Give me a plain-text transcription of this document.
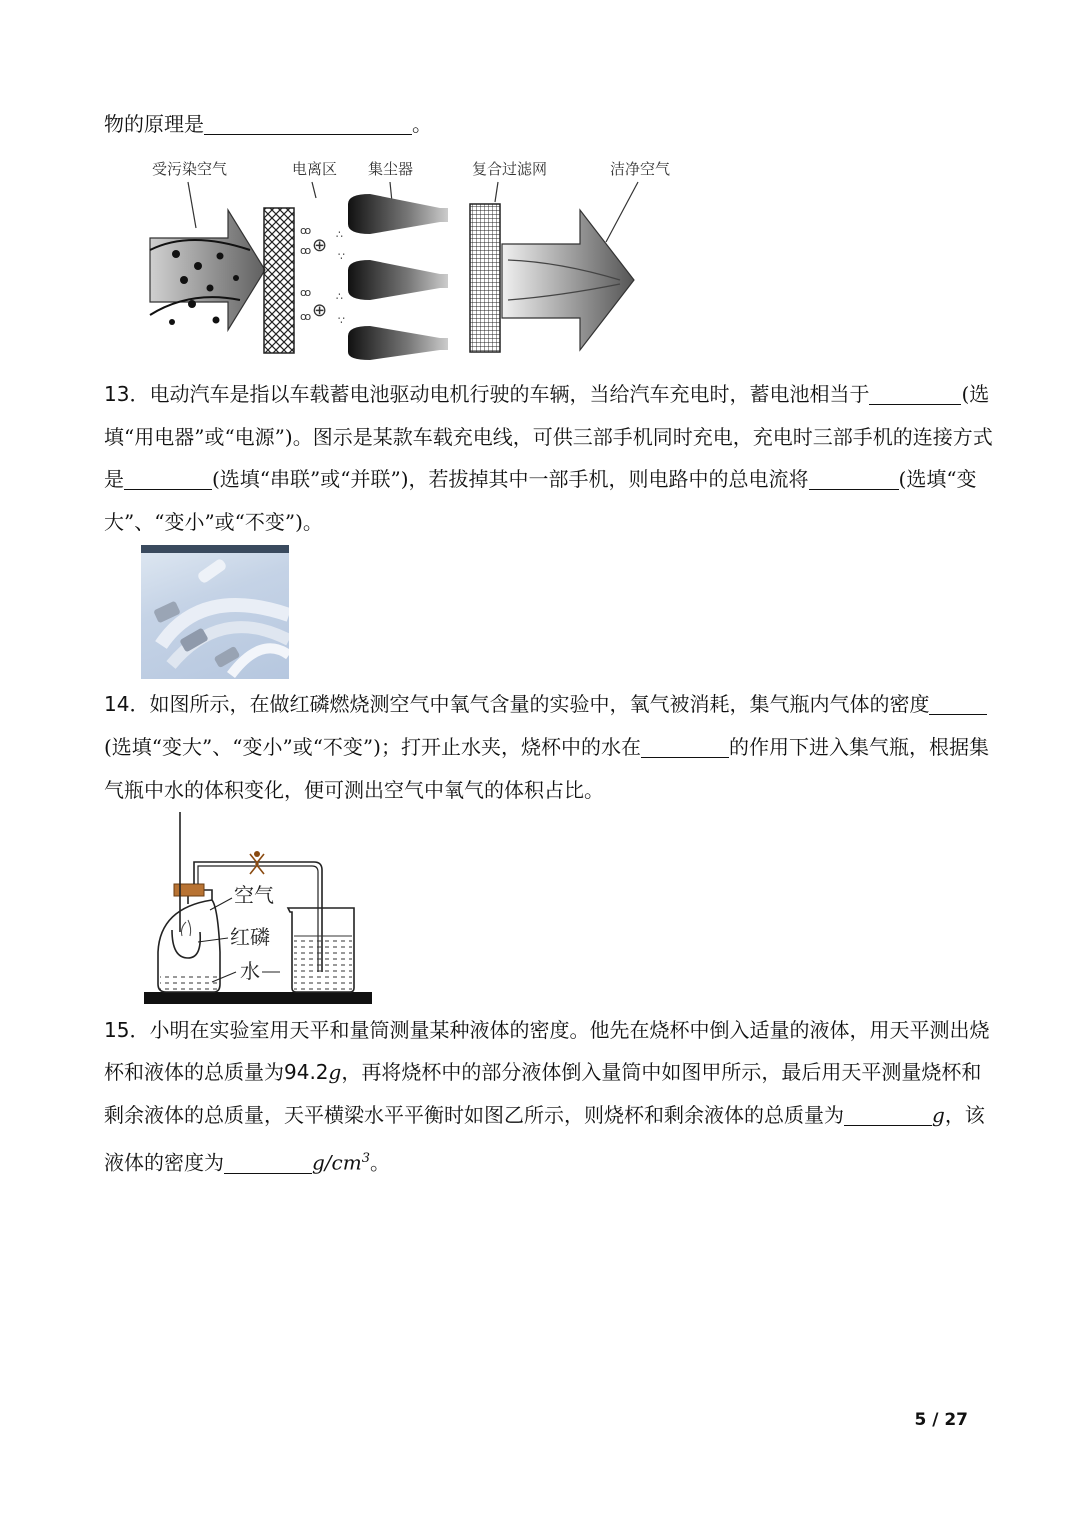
物的原理是	。
受污染空气	电离区 集尘器	复合过滤网	洁净空气
ꝏ
ꝏ ⊕
∴
∵
ꝏ
ꝏ ⊕
∴
∵
13．电动汽车是指以车载蓄电池驱动电机行驶的车辆，当给汽车充电时，蓄电池相当于	(选
填“用电器”或“电源”)。图示是某款车载充电线，可供三部手机同时充电，充电时三部手机的连接方式
是	(选填“串联”或“并联”)，若拔掉其中一部手机，则电路中的总电流将	(选填“变
大”、“变小”或“不变”)。
14．如图所示，在做红磷燃烧测空气中氧气含量的实验中，氧气被消耗，集气瓶内气体的密度
(选填“变大”、“变小”或“不变”)；打开止水夹，烧杯中的水在	的作用下进入集气瓶，根据集
气瓶中水的体积变化，便可测出空气中氧气的体积占比。
空气
红磷
水
15．小明在实验室用天平和量筒测量某种液体的密度。他先在烧杯中倒入适量的液体，用天平测出烧
杯和液体的总质量为94.2g，再将烧杯中的部分液体倒入量筒中如图甲所示，最后用天平测量烧杯和
剩余液体的总质量，天平横梁水平平衡时如图乙所示，则烧杯和剩余液体的总质量为	g，该
液体的密度为	$g/cm^3$。
5 / 27
